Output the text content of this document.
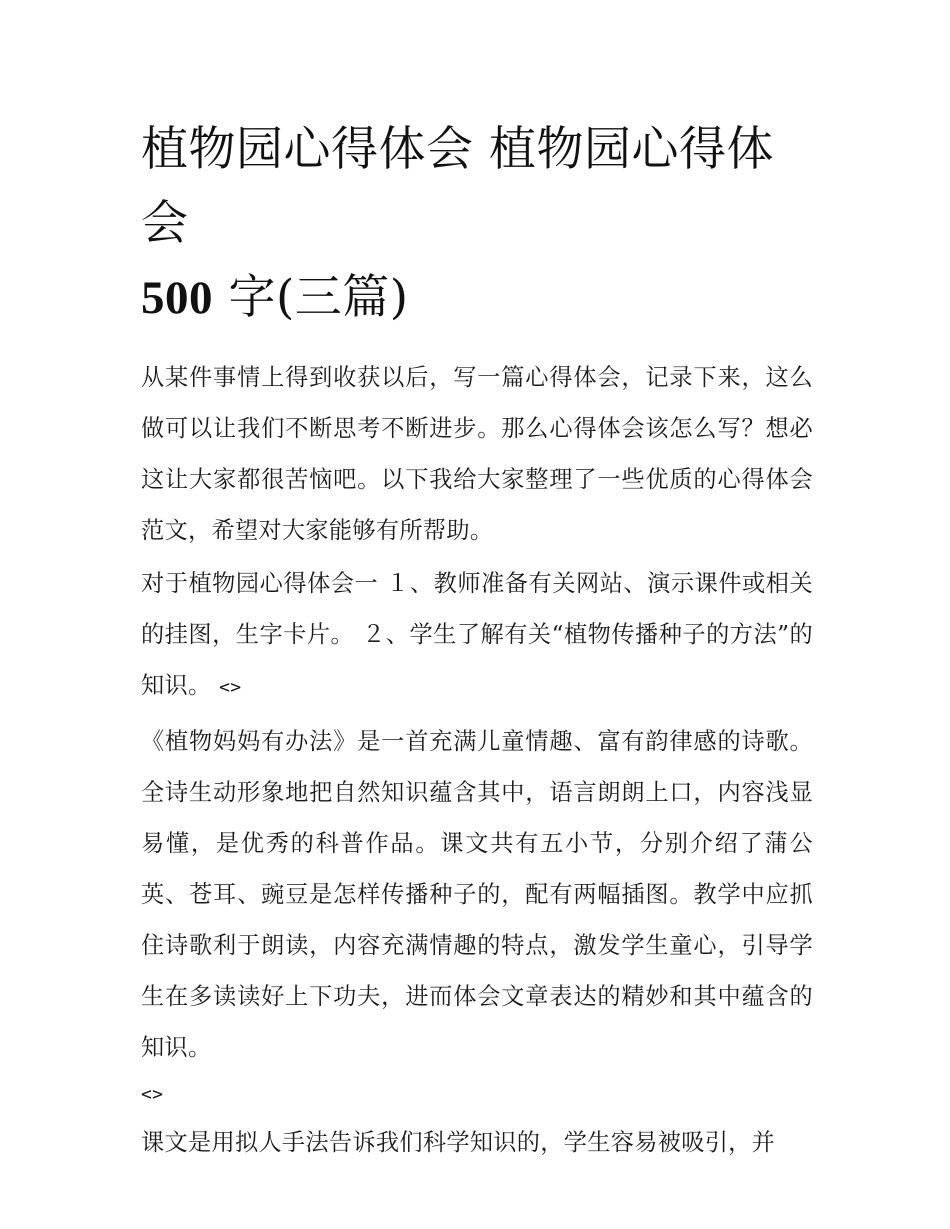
植物园心得体会 植物园心得体会
500 字(三篇)

从某件事情上得到收获以后，写一篇心得体会，记录下来，这么做可以让我们不断思考不断进步。那么心得体会该怎么写？想必这让大家都很苦恼吧。以下我给大家整理了一些优质的心得体会范文，希望对大家能够有所帮助。

对于植物园心得体会一 １、教师准备有关网站、演示课件或相关的挂图，生字卡片。 ２、学生了解有关“植物传播种子的方法”的知识。 <>

《植物妈妈有办法》是一首充满儿童情趣、富有韵律感的诗歌。全诗生动形象地把自然知识蕴含其中，语言朗朗上口，内容浅显易懂，是优秀的科普作品。课文共有五小节，分别介绍了蒲公英、苍耳、豌豆是怎样传播种子的，配有两幅插图。教学中应抓住诗歌利于朗读，内容充满情趣的特点，激发学生童心，引导学生在多读读好上下功夫，进而体会文章表达的精妙和其中蕴含的知识。

<>

课文是用拟人手法告诉我们科学知识的，学生容易被吸引，并
